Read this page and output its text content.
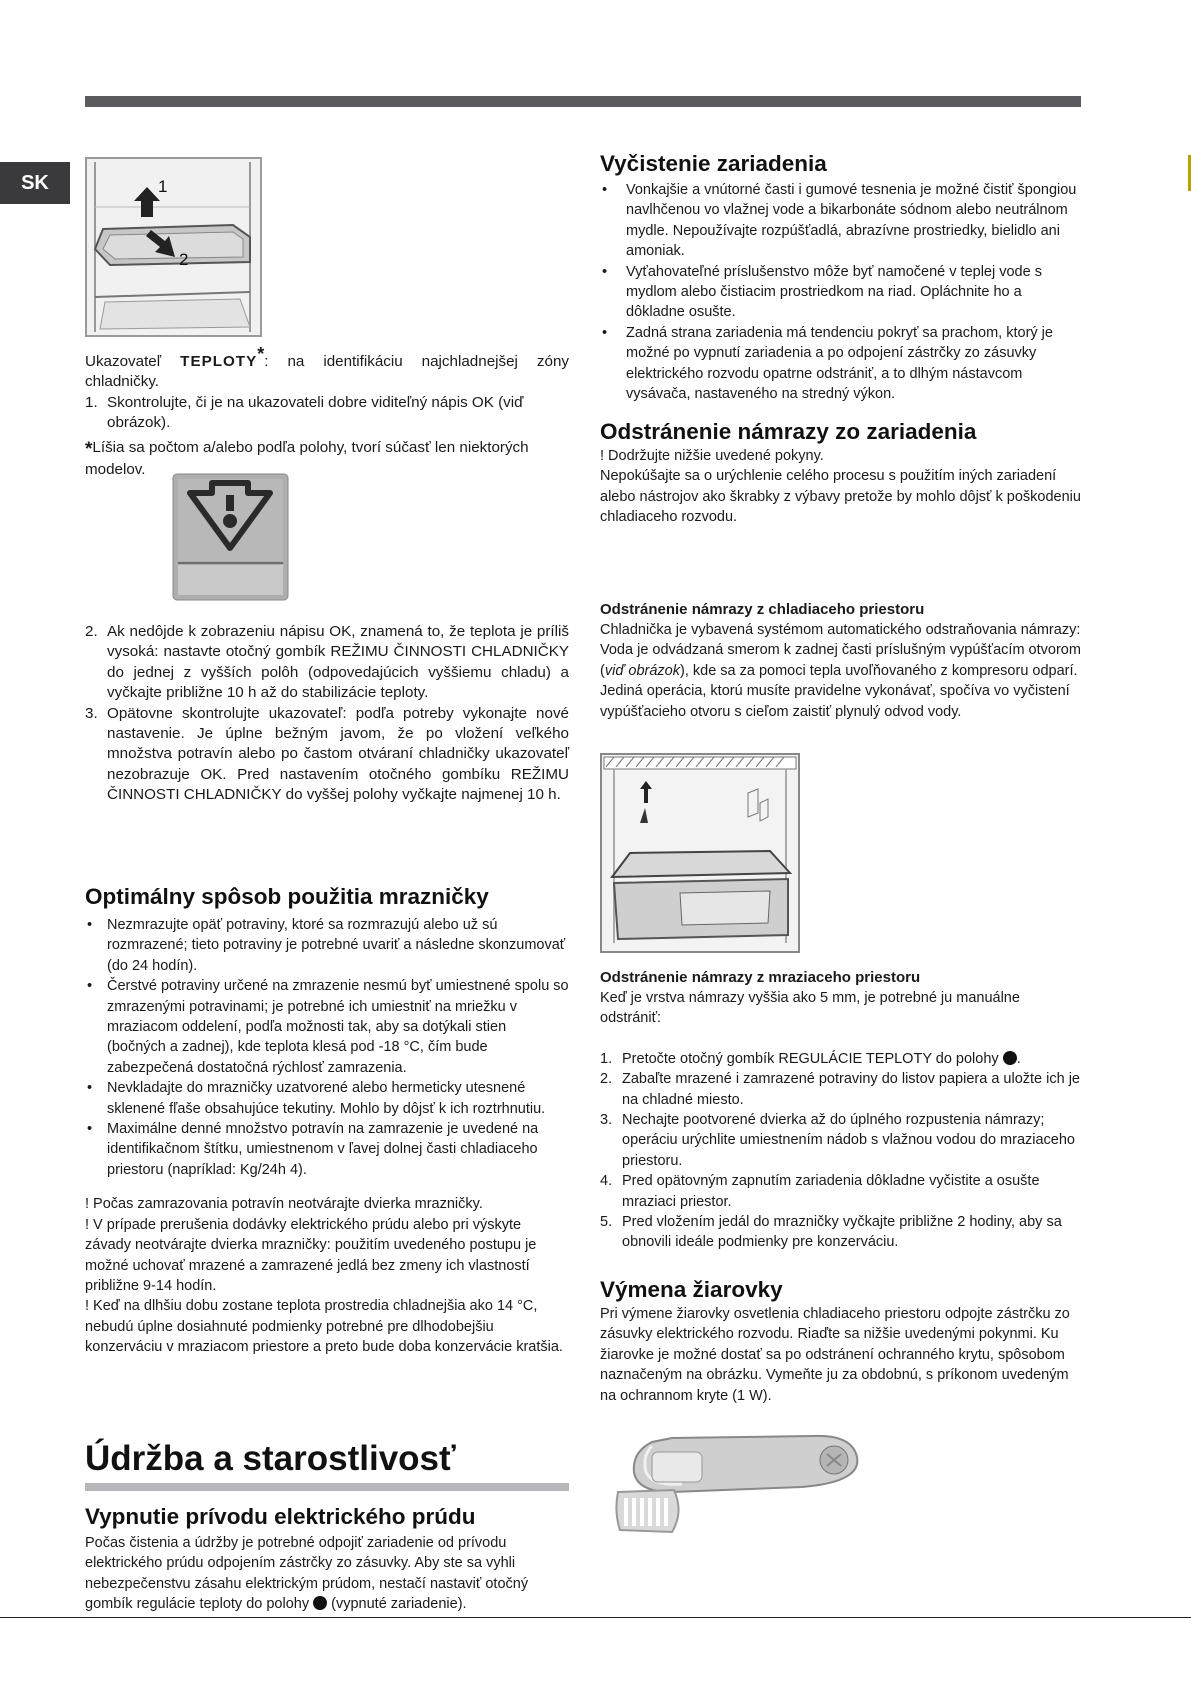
SK	1
2

Ukazovateľ TEPLOTY*: na identifikáciu najchladnejšej zóny chladničky.

1. Skontrolujte, či je na ukazovateli dobre viditeľný nápis OK (viď obrázok).

*Líšia sa počtom a/alebo podľa polohy, tvorí súčasť len niektorých modelov.

2. Ak nedôjde k zobrazeniu nápisu OK, znamená to, že teplota je príliš vysoká: nastavte otočný gombík REŽIMU ČINNOSTI CHLADNIČKY do jednej z vyšších polôh (odpovedajúcich vyššiemu chladu) a vyčkajte približne 10 h až do stabilizácie teploty.
3. Opätovne skontrolujte ukazovateľ: podľa potreby vykonajte nové nastavenie. Je úplne bežným javom, že po vložení veľkého množstva potravín alebo po častom otváraní chladničky ukazovateľ nezobrazuje OK. Pred nastavením otočného gombíku REŽIMU ČINNOSTI CHLADNIČKY do vyššej polohy vyčkajte najmenej 10 h.
Optimálny spôsob použitia mrazničky
• Nezmrazujte opäť potraviny, ktoré sa rozmrazujú alebo už sú rozmrazené; tieto potraviny je potrebné uvariť a následne skonzumovať (do 24 hodín).
• Čerstvé potraviny určené na zmrazenie nesmú byť umiestnené spolu so zmrazenými potravinami; je potrebné ich umiestniť na mriežku v mraziacom oddelení, podľa možnosti tak, aby sa dotýkali stien (bočných a zadnej), kde teplota klesá pod -18 °C, čím bude zabezpečená dostatočná rýchlosť zamrazenia.
• Nevkladajte do mrazničky uzatvorené alebo hermeticky utesnené sklenené fľaše obsahujúce tekutiny. Mohlo by dôjsť k ich roztrhnutiu.
• Maximálne denné množstvo potravín na zamrazenie je uvedené na identifikačnom štítku, umiestnenom v ľavej dolnej časti chladiaceho priestoru (napríklad: Kg/24h 4).

! Počas zamrazovania potravín neotvárajte dvierka mrazničky.

! V prípade prerušenia dodávky elektrického prúdu alebo pri výskyte závady neotvárajte dvierka mrazničky: použitím uvedeného postupu je možné uchovať mrazené a zamrazené jedlá bez zmeny ich vlastností približne 9-14 hodín.

! Keď na dlhšiu dobu zostane teplota prostredia chladnejšia ako 14 °C, nebudú úplne dosiahnuté podmienky potrebné pre dlhodobejšiu konzerváciu v mraziacom priestore a preto bude doba konzervácie kratšia.

Údržba a starostlivosť
Vypnutie prívodu elektrického prúdu

Počas čistenia a údržby je potrebné odpojiť zariadenie od prívodu elektrického prúdu odpojením zástrčky zo zásuvky. Aby ste sa vyhli nebezpečenstvu zásahu elektrickým prúdom, nestačí nastaviť otočný gombík regulácie teploty do polohy  (vypnuté zariadenie).

Vyčistenie zariadenia
• Vonkajšie a vnútorné časti i gumové tesnenia je možné čistiť špongiou navlhčenou vo vlažnej vode a bikarbonáte sódnom alebo neutrálnom mydle. Nepoužívajte rozpúšťadlá, abrazívne prostriedky, bielidlo ani amoniak.
• Vyťahovateľné príslušenstvo môže byť namočené v teplej vode s mydlom alebo čistiacim prostriedkom na riad. Opláchnite ho a dôkladne osušte.
• Zadná strana zariadenia má tendenciu pokryť sa prachom, ktorý je možné po vypnutí zariadenia a po odpojení zástrčky zo zásuvky elektrického rozvodu opatrne odstrániť, a to dlhým nástavcom vysávača, nastaveného na stredný výkon.
Odstránenie námrazy zo zariadenia

! Dodržujte nižšie uvedené pokyny.

Nepokúšajte sa o urýchlenie celého procesu s použitím iných zariadení alebo nástrojov ako škrabky z výbavy pretože by mohlo dôjsť k poškodeniu chladiaceho rozvodu.

Odstránenie námrazy z chladiaceho priestoru

Chladnička je vybavená systémom automatického odstraňovania námrazy: Voda je odvádzaná smerom k zadnej časti príslušným vypúšťacím otvorom (viď obrázok), kde sa za pomoci tepla uvoľňovaného z kompresoru odparí. Jediná operácia, ktorú musíte pravidelne vykonávať, spočíva vo vyčistení vypúšťacieho otvoru s cieľom zaistiť plynulý odvod vody.

Odstránenie námrazy z mraziaceho priestoru

Keď je vrstva námrazy vyššia ako 5 mm, je potrebné ju manuálne odstrániť:

1. Pretočte otočný gombík REGULÁCIE TEPLOTY do polohy .
2. Zabaľte mrazené i zamrazené potraviny do listov papiera a uložte ich je na chladné miesto.
3. Nechajte pootvorené dvierka až do úplného rozpustenia námrazy; operáciu urýchlite umiestnením nádob s vlažnou vodou do mraziaceho priestoru.
4. Pred opätovným zapnutím zariadenia dôkladne vyčistite a osušte mraziaci priestor.
5. Pred vložením jedál do mrazničky vyčkajte približne 2 hodiny, aby sa obnovili ideále podmienky pre konzerváciu.
Výmena žiarovky

Pri výmene žiarovky osvetlenia chladiaceho priestoru odpojte zástrčku zo zásuvky elektrického rozvodu. Riaďte sa nižšie uvedenými pokynmi. Ku žiarovke je možné dostať sa po odstránení ochranného krytu, spôsobom naznačeným na obrázku. Vymeňte ju za obdobnú, s príkonom uvedeným na ochrannom kryte (1 W).
